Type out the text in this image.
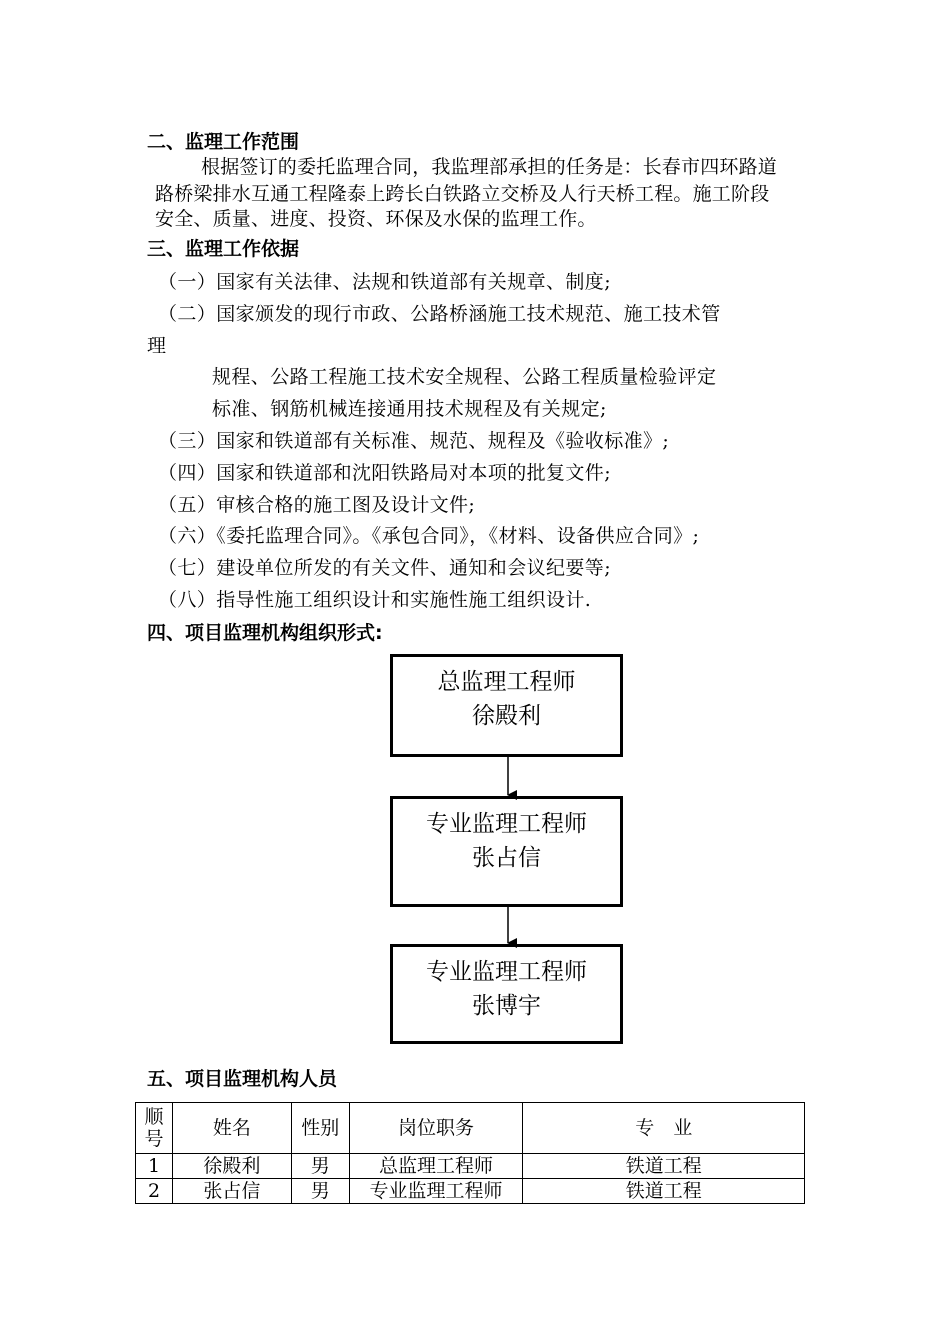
二、监理工作范围
根据签订的委托监理合同，我监理部承担的任务是：长春市四环路道
路桥梁排水互通工程隆泰上跨长白铁路立交桥及人行天桥工程。施工阶段
安全、质量、进度、投资、环保及水保的监理工作。
三、监理工作依据
（一）国家有关法律、法规和铁道部有关规章、制度;
（二）国家颁发的现行市政、公路桥涵施工技术规范、施工技术管
理
规程、公路工程施工技术安全规程、公路工程质量检验评定
标准、钢筋机械连接通用技术规程及有关规定;
（三）国家和铁道部有关标准、规范、规程及《验收标准》;
（四）国家和铁道部和沈阳铁路局对本项的批复文件;
（五）审核合格的施工图及设计文件;
（六）《委托监理合同》。《承包合同》，《材料、设备供应合同》;
（七）建设单位所发的有关文件、通知和会议纪要等;
（八）指导性施工组织设计和实施性施工组织设计.
四、项目监理机构组织形式:
总监理工程师
徐殿利
专业监理工程师
张占信
专业监理工程师
张博宇
五、项目监理机构人员
顺号	姓名	性别	岗位职务	专　业
1	徐殿利	男	总监理工程师	铁道工程
2	张占信	男	专业监理工程师	铁道工程
